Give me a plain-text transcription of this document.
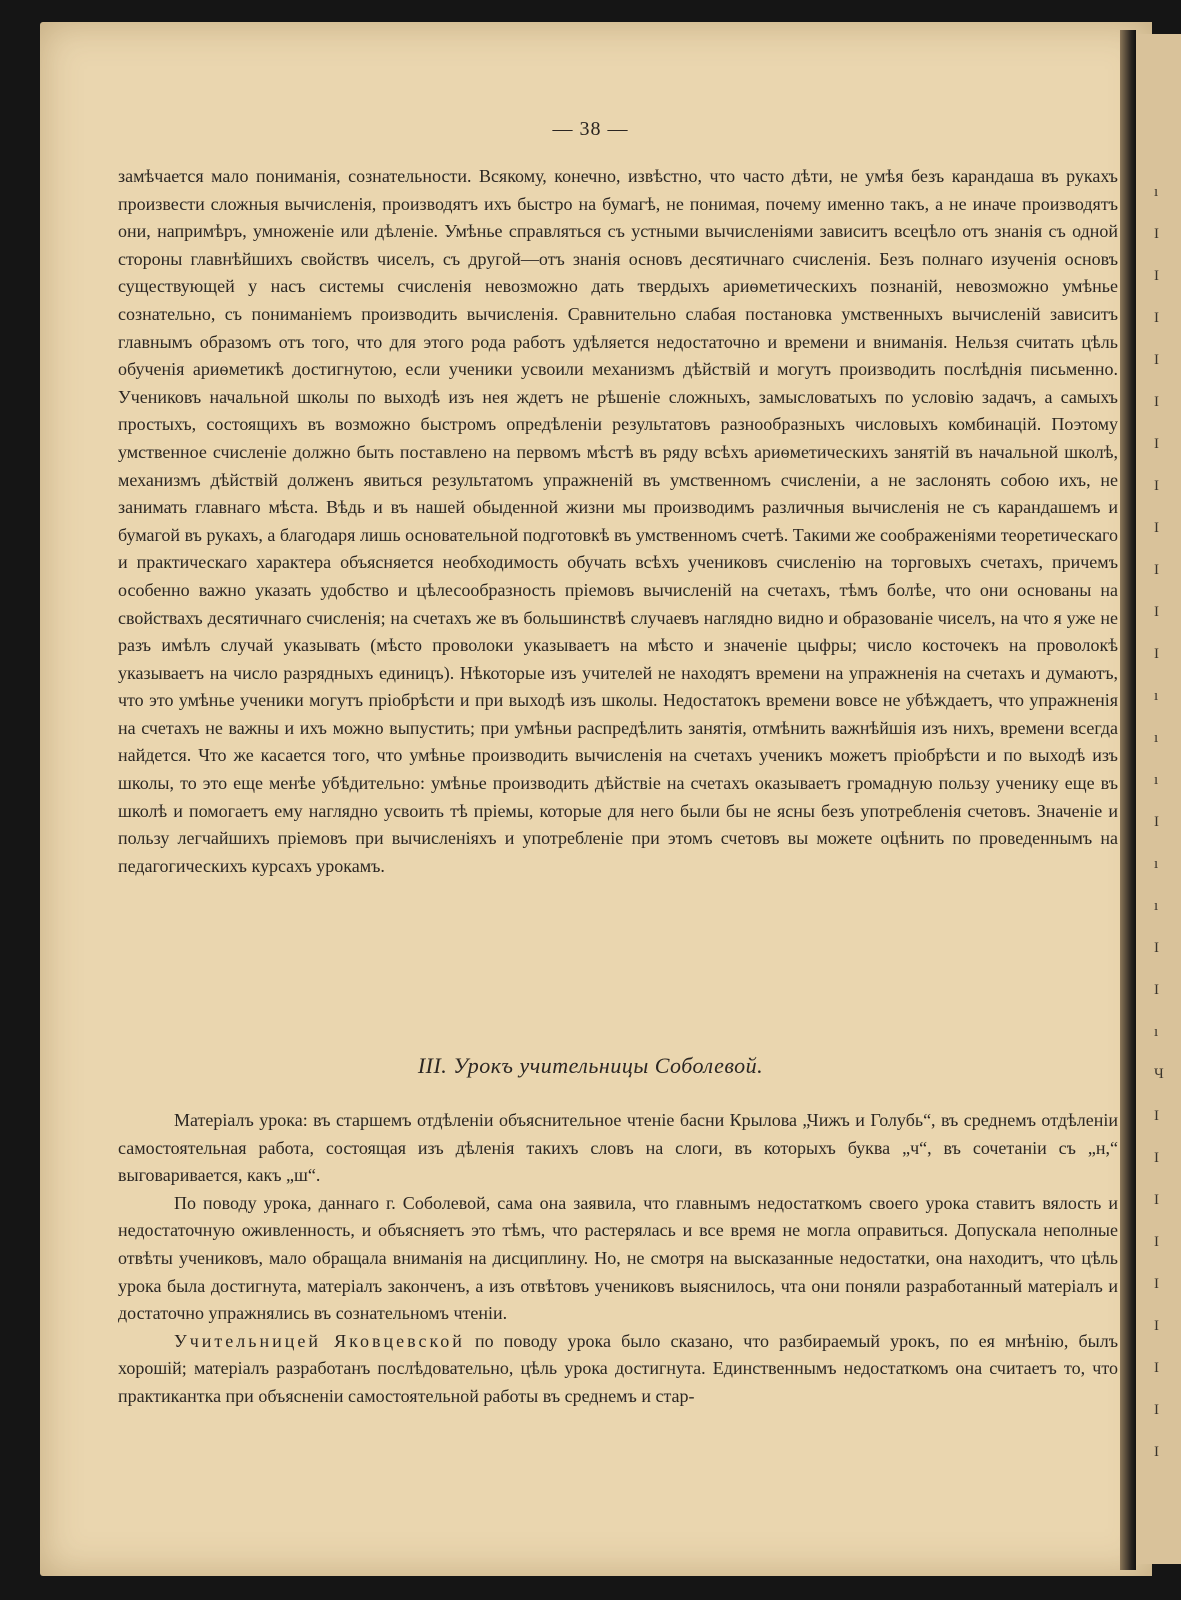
ı
I
I
I
I
I
I
I
I
I
I
I
ı
ı
ı
I
ı
ı
I
I
ı
Ч
I
I
I
I
I
I
I
I
I
— 38 —

замѣчается мало пониманія, сознательности. Всякому, конечно, извѣстно, что часто дѣти, не умѣя безъ карандаша въ рукахъ произвести сложныя вычисленія, производятъ ихъ быстро на бумагѣ, не понимая, почему именно такъ, а не иначе производятъ они, напримѣръ, умноженіе или дѣленіе. Умѣнье справляться съ устными вычисленіями зависитъ всецѣло отъ знанія съ одной стороны главнѣйшихъ свойствъ чиселъ, съ другой—отъ знанія основъ десятичнаго счисленія. Безъ полнаго изученія основъ существующей у насъ системы счисленія невозможно дать твердыхъ ариѳметическихъ познаній, невозможно умѣнье сознательно, съ пониманіемъ производить вычисленія. Сравнительно слабая постановка умственныхъ вычисленій зависитъ главнымъ образомъ отъ того, что для этого рода работъ удѣляется недостаточно и времени и вниманія. Нельзя считать цѣль обученія ариѳметикѣ достигнутою, если ученики усвоили механизмъ дѣйствій и могутъ производить послѣднія письменно. Учениковъ начальной школы по выходѣ изъ нея ждетъ не рѣшеніе сложныхъ, замысловатыхъ по условію задачъ, а самыхъ простыхъ, состоящихъ въ возможно быстромъ опредѣленіи результатовъ разнообразныхъ числовыхъ комбинацій. Поэтому умственное счисленіе должно быть поставлено на первомъ мѣстѣ въ ряду всѣхъ ариѳметическихъ занятій въ начальной школѣ, механизмъ дѣйствій долженъ явиться результатомъ упражненій въ умственномъ счисленіи, а не заслонять собою ихъ, не занимать главнаго мѣста. Вѣдь и въ нашей обыденной жизни мы производимъ различныя вычисленія не съ карандашемъ и бумагой въ рукахъ, а благодаря лишь основательной подготовкѣ въ умственномъ счетѣ. Такими же соображеніями теоретическаго и практическаго характера объясняется необходимость обучать всѣхъ учениковъ счисленію на торговыхъ счетахъ, причемъ особенно важно указать удобство и цѣлесообразность пріемовъ вычисленій на счетахъ, тѣмъ болѣе, что они основаны на свойствахъ десятичнаго счисленія; на счетахъ же въ большинствѣ случаевъ наглядно видно и образованіе чиселъ, на что я уже не разъ имѣлъ случай указывать (мѣсто проволоки указываетъ на мѣсто и значеніе цыфры; число косточекъ на проволокѣ указываетъ на число разрядныхъ единицъ). Нѣкоторые изъ учителей не находятъ времени на упражненія на счетахъ и думаютъ, что это умѣнье ученики могутъ пріобрѣсти и при выходѣ изъ школы. Недостатокъ времени вовсе не убѣждаетъ, что упражненія на счетахъ не важны и ихъ можно выпустить; при умѣньи распредѣлить занятія, отмѣнить важнѣйшія изъ нихъ, времени всегда найдется. Что же касается того, что умѣнье производить вычисленія на счетахъ ученикъ можетъ пріобрѣсти и по выходѣ изъ школы, то это еще менѣе убѣдительно: умѣнье производить дѣйствіе на счетахъ оказываетъ громадную пользу ученику еще въ школѣ и помогаетъ ему наглядно усвоить тѣ пріемы, которые для него были бы не ясны безъ употребленія счетовъ. Значеніе и пользу легчайшихъ пріемовъ при вычисленіяхъ и употребленіе при этомъ счетовъ вы можете оцѣнить по проведеннымъ на педагогическихъ курсахъ урокамъ.

III. Урокъ учительницы Соболевой.

Матеріалъ урока: въ старшемъ отдѣленіи объяснительное чтеніе басни Крылова „Чижъ и Голубь“, въ среднемъ отдѣленіи самостоятельная работа, состоящая изъ дѣленія такихъ словъ на слоги, въ которыхъ буква „ч“, въ сочетаніи съ „н,“ выговаривается, какъ „ш“.

По поводу урока, даннаго г. Соболевой, сама она заявила, что главнымъ недостаткомъ своего урока ставитъ вялость и недостаточную оживленность, и объясняетъ это тѣмъ, что растерялась и все время не могла оправиться. Допускала неполные отвѣты учениковъ, мало обращала вниманія на дисциплину. Но, не смотря на высказанные недостатки, она находитъ, что цѣль урока была достигнута, матеріалъ законченъ, а изъ отвѣтовъ учениковъ выяснилось, чта они поняли разработанный матеріалъ и достаточно упражнялись въ сознательномъ чтеніи.

Учительницей Яковцевской по поводу урока было сказано, что разбираемый урокъ, по ея мнѣнію, былъ хорошій; матеріалъ разработанъ послѣдовательно, цѣль урока достигнута. Единственнымъ недостаткомъ она считаетъ то, что практикантка при объясненіи самостоятельной работы въ среднемъ и стар-
